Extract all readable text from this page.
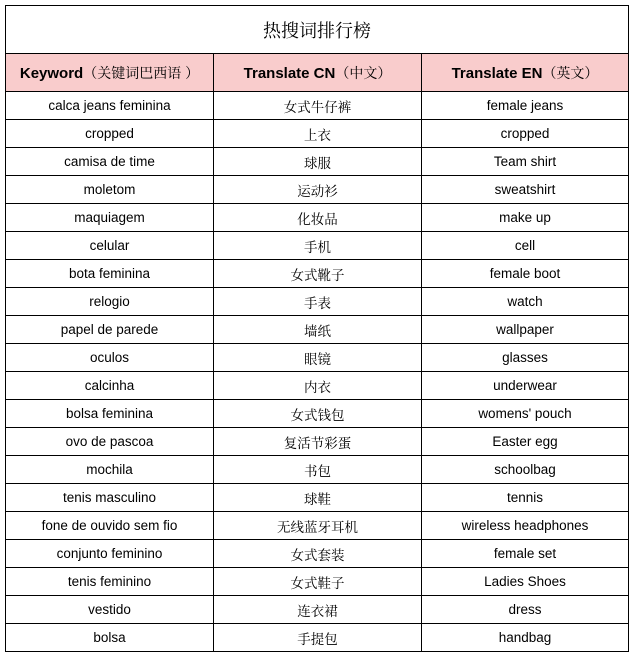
热搜词排行榜		
Keyword（关键词巴西语 ）	Translate CN（中文）	Translate EN（英文）
calca jeans feminina	女式牛仔裤	female jeans
cropped	上衣	cropped
camisa de time	球服	Team shirt
moletom	运动衫	sweatshirt
maquiagem	化妆品	make up
celular	手机	cell
bota feminina	女式靴子	female boot
relogio	手表	watch
papel de parede	墙纸	wallpaper
oculos	眼镜	glasses
calcinha	内衣	underwear
bolsa feminina	女式钱包	womens' pouch
ovo de pascoa	复活节彩蛋	Easter egg
mochila	书包	schoolbag
tenis masculino	球鞋	tennis
fone de ouvido sem fio	无线蓝牙耳机	wireless headphones
conjunto feminino	女式套装	female set
tenis feminino	女式鞋子	Ladies Shoes
vestido	连衣裙	dress
bolsa	手提包	handbag
